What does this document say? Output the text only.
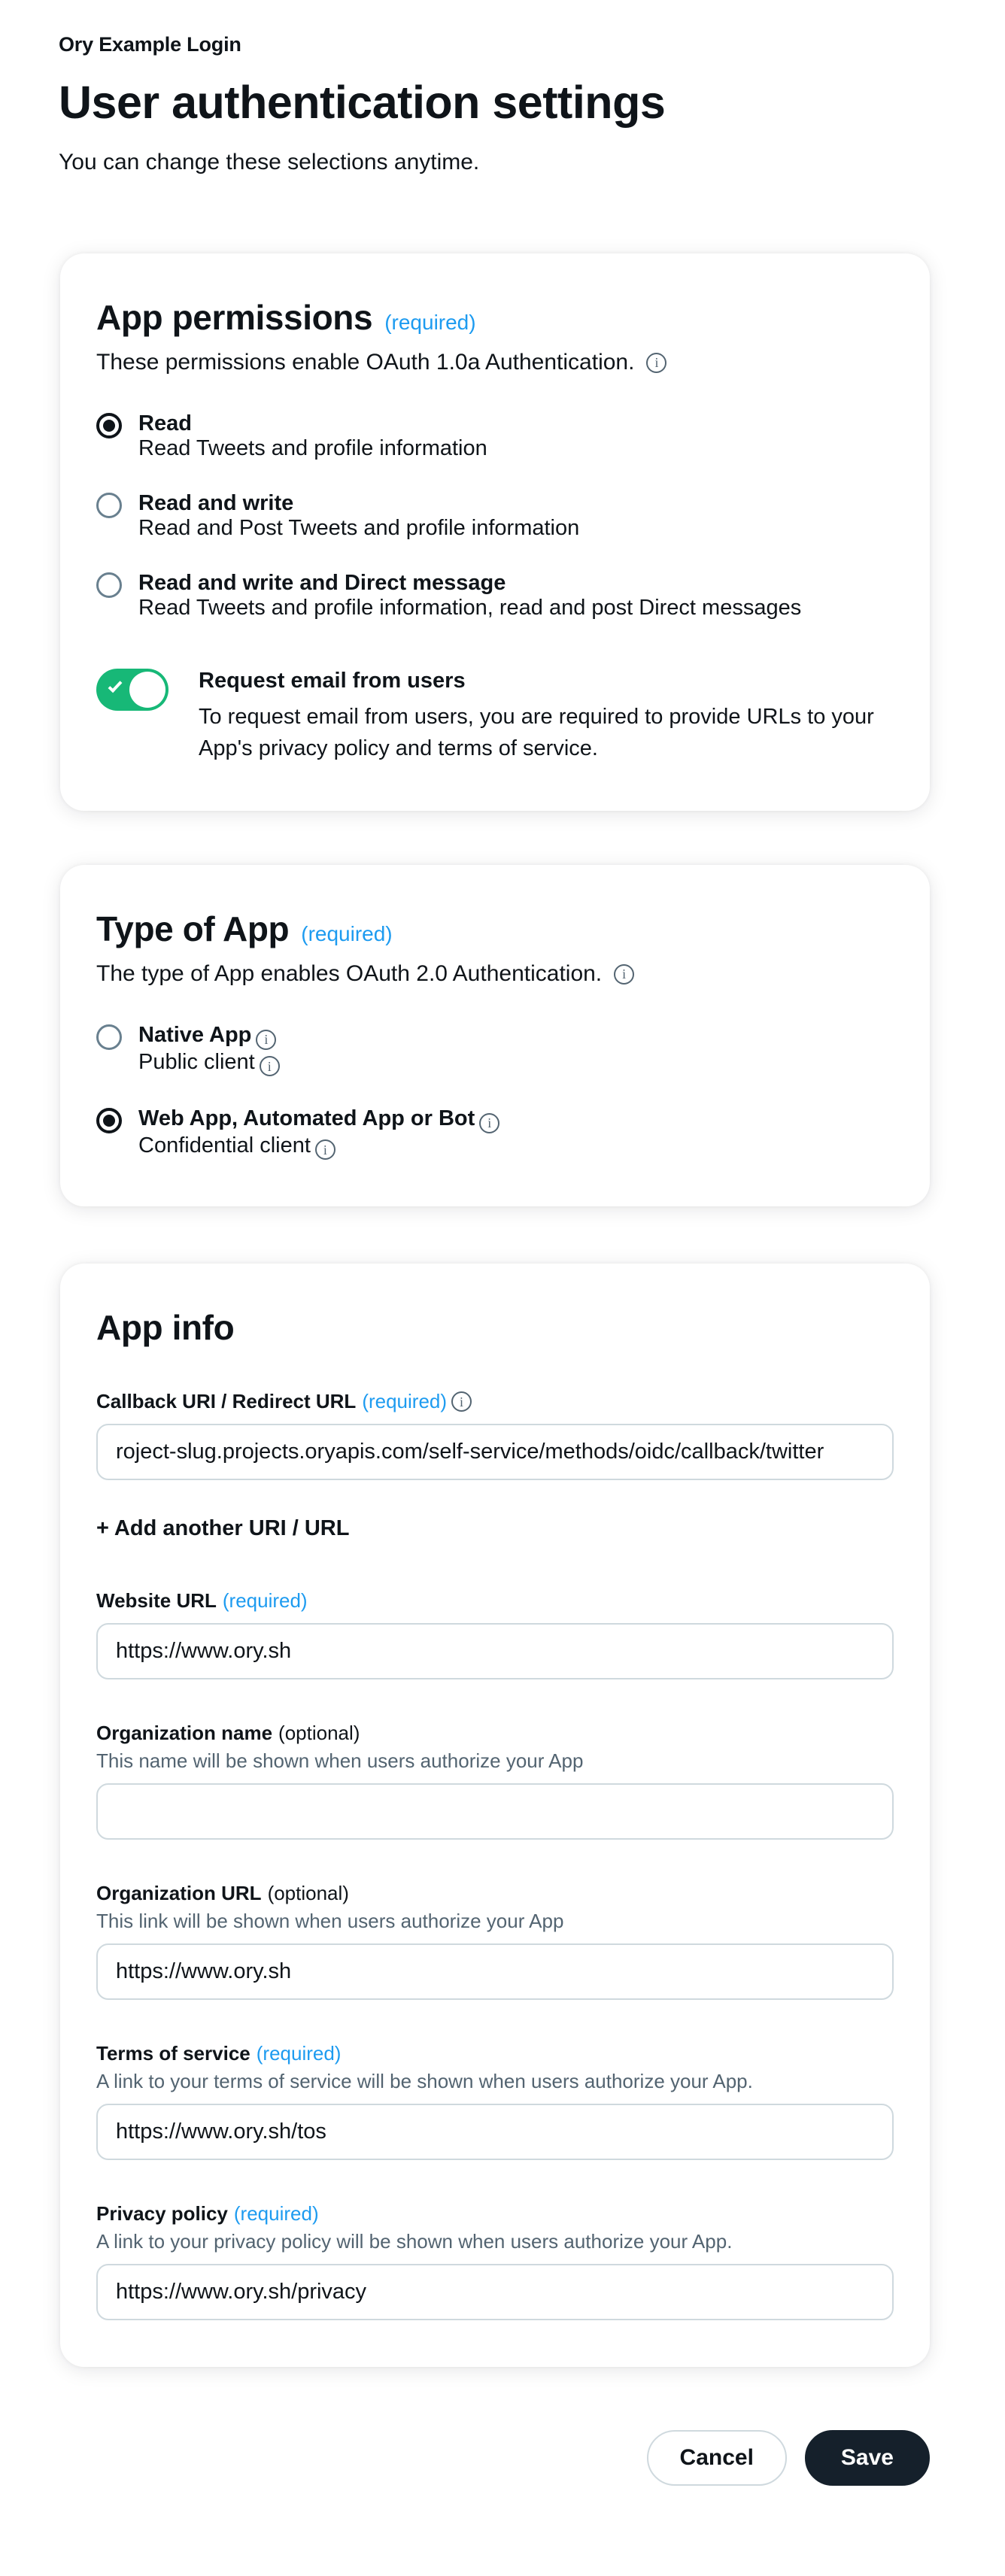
Ory Example Login
User authentication settings
You can change these selections anytime.
App permissions (required)
These permissions enable OAuth 1.0a Authentication.
i
Read
Read Tweets and profile information
Read and write
Read and Post Tweets and profile information
Read and write and Direct message
Read Tweets and profile information, read and post Direct messages
Request email from users
To request email from users, you are required to provide URLs to your App's privacy policy and terms of service.
Type of App (required)
The type of App enables OAuth 2.0 Authentication.
i
Native Appi
Public clienti
Web App, Automated App or Boti
Confidential clienti
App info
Callback URI / Redirect URL (required)
i
roject-slug.projects.oryapis.com/self-service/methods/oidc/callback/twitter
+ Add another URI / URL
Website URL (required)
https://www.ory.sh
Organization name (optional)
This name will be shown when users authorize your App
Organization URL (optional)
This link will be shown when users authorize your App
https://www.ory.sh
Terms of service (required)
A link to your terms of service will be shown when users authorize your App.
https://www.ory.sh/tos
Privacy policy (required)
A link to your privacy policy will be shown when users authorize your App.
https://www.ory.sh/privacy
Cancel	Save
